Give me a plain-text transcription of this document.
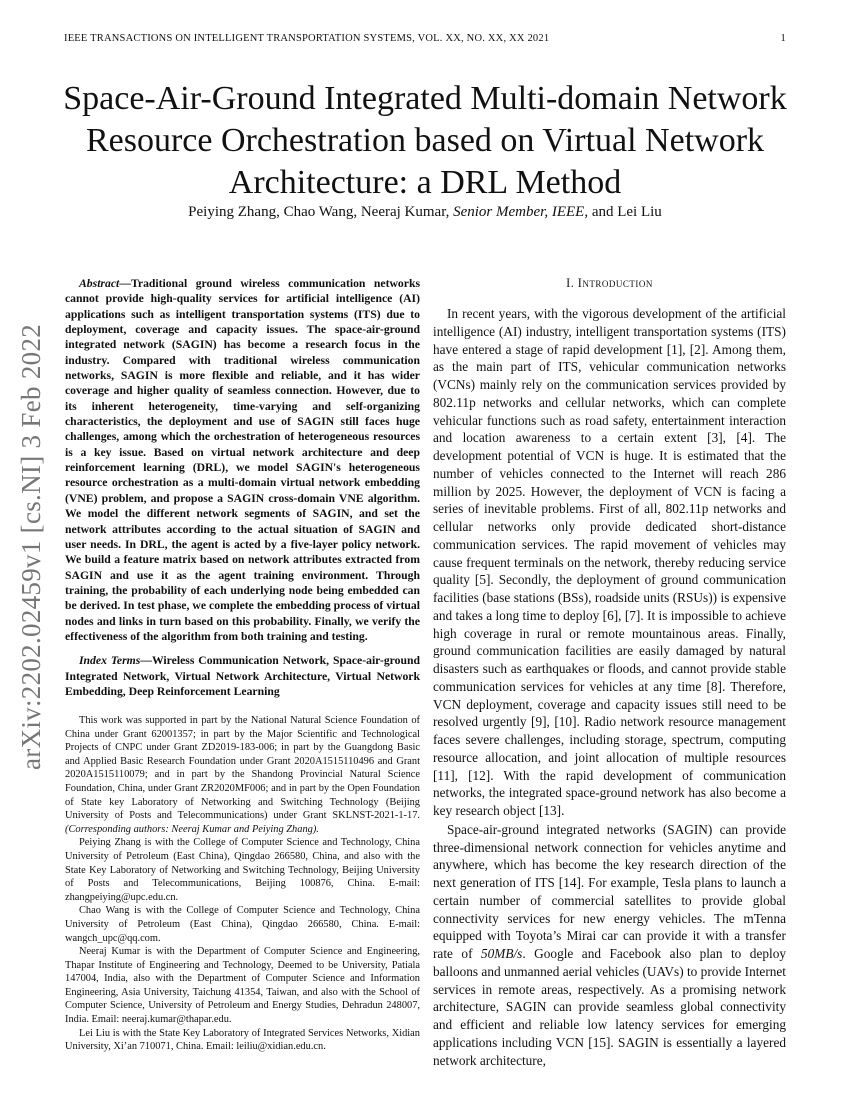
IEEE TRANSACTIONS ON INTELLIGENT TRANSPORTATION SYSTEMS, VOL. XX, NO. XX, XX 2021	1
Space-Air-Ground Integrated Multi-domain Network
Resource Orchestration based on Virtual Network
Architecture: a DRL Method
Peiying Zhang, Chao Wang, Neeraj Kumar, Senior Member, IEEE, and Lei Liu
arXiv:2202.02459v1 [cs.NI] 3 Feb 2022

Abstract—Traditional ground wireless communication networks cannot provide high-quality services for artificial intelligence (AI) applications such as intelligent transportation systems (ITS) due to deployment, coverage and capacity issues. The space-air-ground integrated network (SAGIN) has become a research focus in the industry. Compared with traditional wireless communication networks, SAGIN is more flexible and reliable, and it has wider coverage and higher quality of seamless connection. However, due to its inherent heterogeneity, time-varying and self-organizing characteristics, the deployment and use of SAGIN still faces huge challenges, among which the orchestration of heterogeneous resources is a key issue. Based on virtual network architecture and deep reinforcement learning (DRL), we model SAGIN's heterogeneous resource orchestration as a multi-domain virtual network embedding (VNE) problem, and propose a SAGIN cross-domain VNE algorithm. We model the different network segments of SAGIN, and set the network attributes according to the actual situation of SAGIN and user needs. In DRL, the agent is acted by a five-layer policy network. We build a feature matrix based on network attributes extracted from SAGIN and use it as the agent training environment. Through training, the probability of each underlying node being embedded can be derived. In test phase, we complete the embedding process of virtual nodes and links in turn based on this probability. Finally, we verify the effectiveness of the algorithm from both training and testing.

Index Terms—Wireless Communication Network, Space-air-ground Integrated Network, Virtual Network Architecture, Virtual Network Embedding, Deep Reinforcement Learning

This work was supported in part by the National Natural Science Foundation of China under Grant 62001357; in part by the Major Scientific and Technological Projects of CNPC under Grant ZD2019-183-006; in part by the Guangdong Basic and Applied Basic Research Foundation under Grant 2020A1515110496 and Grant 2020A1515110079; and in part by the Shandong Provincial Natural Science Foundation, China, under Grant ZR2020MF006; and in part by the Open Foundation of State key Laboratory of Networking and Switching Technology (Beijing University of Posts and Telecommunications) under Grant SKLNST-2021-1-17. (Corresponding authors: Neeraj Kumar and Peiying Zhang).

Peiying Zhang is with the College of Computer Science and Technology, China University of Petroleum (East China), Qingdao 266580, China, and also with the State Key Laboratory of Networking and Switching Technology, Beijing University of Posts and Telecommunications, Beijing 100876, China. E-mail: zhangpeiying@upc.edu.cn.

Chao Wang is with the College of Computer Science and Technology, China University of Petroleum (East China), Qingdao 266580, China. E-mail: wangch_upc@qq.com.

Neeraj Kumar is with the Department of Computer Science and Engineering, Thapar Institute of Engineering and Technology, Deemed to be University, Patiala 147004, India, also with the Department of Computer Science and Information Engineering, Asia University, Taichung 41354, Taiwan, and also with the School of Computer Science, University of Petroleum and Energy Studies, Dehradun 248007, India. Email: neeraj.kumar@thapar.edu.

Lei Liu is with the State Key Laboratory of Integrated Services Networks, Xidian University, Xi’an 710071, China. Email: leiliu@xidian.edu.cn.

I. Introduction

In recent years, with the vigorous development of the artificial intelligence (AI) industry, intelligent transportation systems (ITS) have entered a stage of rapid development [1], [2]. Among them, as the main part of ITS, vehicular communication networks (VCNs) mainly rely on the communication services provided by 802.11p networks and cellular networks, which can complete vehicular functions such as road safety, entertainment interaction and location awareness to a certain extent [3], [4]. The development potential of VCN is huge. It is estimated that the number of vehicles connected to the Internet will reach 286 million by 2025. However, the deployment of VCN is facing a series of inevitable problems. First of all, 802.11p networks and cellular networks only provide dedicated short-distance communication services. The rapid movement of vehicles may cause frequent terminals on the network, thereby reducing service quality [5]. Secondly, the deployment of ground communication facilities (base stations (BSs), roadside units (RSUs)) is expensive and takes a long time to deploy [6], [7]. It is impossible to achieve high coverage in rural or remote mountainous areas. Finally, ground communication facilities are easily damaged by natural disasters such as earthquakes or floods, and cannot provide stable communication services for vehicles at any time [8]. Therefore, VCN deployment, coverage and capacity issues still need to be resolved urgently [9], [10]. Radio network resource management faces severe challenges, including storage, spectrum, computing resource allocation, and joint allocation of multiple resources [11], [12]. With the rapid development of communication networks, the integrated space-ground network has also become a key research object [13].

Space-air-ground integrated networks (SAGIN) can provide three-dimensional network connection for vehicles anytime and anywhere, which has become the key research direction of the next generation of ITS [14]. For example, Tesla plans to launch a certain number of commercial satellites to provide global connectivity services for new energy vehicles. The mTenna equipped with Toyota’s Mirai car can provide it with a transfer rate of 50MB/s. Google and Facebook also plan to deploy balloons and unmanned aerial vehicles (UAVs) to provide Internet services in remote areas, respectively. As a promising network architecture, SAGIN can provide seamless global connectivity and efficient and reliable low latency services for emerging applications including VCN [15]. SAGIN is essentially a layered network architecture,
